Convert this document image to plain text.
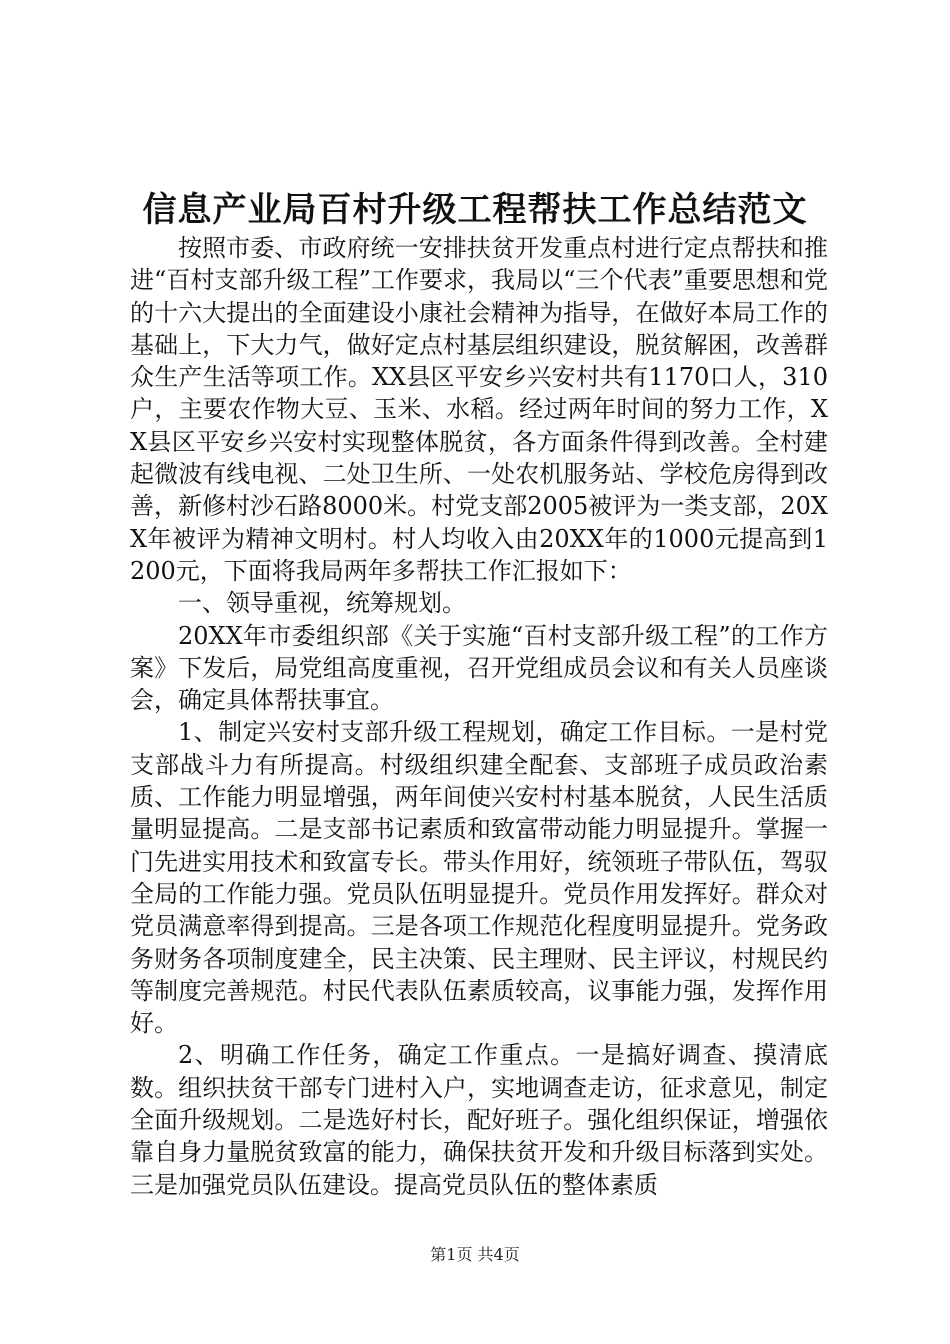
信息产业局百村升级工程帮扶工作总结范文

按照市委、市政府统一安排扶贫开发重点村进行定点帮扶和推进“百村支部升级工程”工作要求，我局以“三个代表”重要思想和党的十六大提出的全面建设小康社会精神为指导，在做好本局工作的基础上，下大力气，做好定点村基层组织建设，脱贫解困，改善群众生产生活等项工作。XX县区平安乡兴安村共有1170口人，310户，主要农作物大豆、玉米、水稻。经过两年时间的努力工作，XX县区平安乡兴安村实现整体脱贫，各方面条件得到改善。全村建起微波有线电视、二处卫生所、一处农机服务站、学校危房得到改善，新修村沙石路8000米。村党支部2005被评为一类支部，20XX年被评为精神文明村。村人均收入由20XX年的1000元提高到1200元，下面将我局两年多帮扶工作汇报如下：

一、领导重视，统筹规划。

20XX年市委组织部《关于实施“百村支部升级工程”的工作方案》下发后，局党组高度重视，召开党组成员会议和有关人员座谈会，确定具体帮扶事宜。

1、制定兴安村支部升级工程规划，确定工作目标。一是村党支部战斗力有所提高。村级组织建全配套、支部班子成员政治素质、工作能力明显增强，两年间使兴安村村基本脱贫，人民生活质量明显提高。二是支部书记素质和致富带动能力明显提升。掌握一门先进实用技术和致富专长。带头作用好，统领班子带队伍，驾驭全局的工作能力强。党员队伍明显提升。党员作用发挥好。群众对党员满意率得到提高。三是各项工作规范化程度明显提升。党务政务财务各项制度建全，民主决策、民主理财、民主评议，村规民约等制度完善规范。村民代表队伍素质较高，议事能力强，发挥作用好。

2、明确工作任务，确定工作重点。一是搞好调查、摸清底数。组织扶贫干部专门进村入户，实地调查走访，征求意见，制定全面升级规划。二是选好村长，配好班子。强化组织保证，增强依靠自身力量脱贫致富的能力，确保扶贫开发和升级目标落到实处。三是加强党员队伍建设。提高党员队伍的整体素质

第1页 共4页
